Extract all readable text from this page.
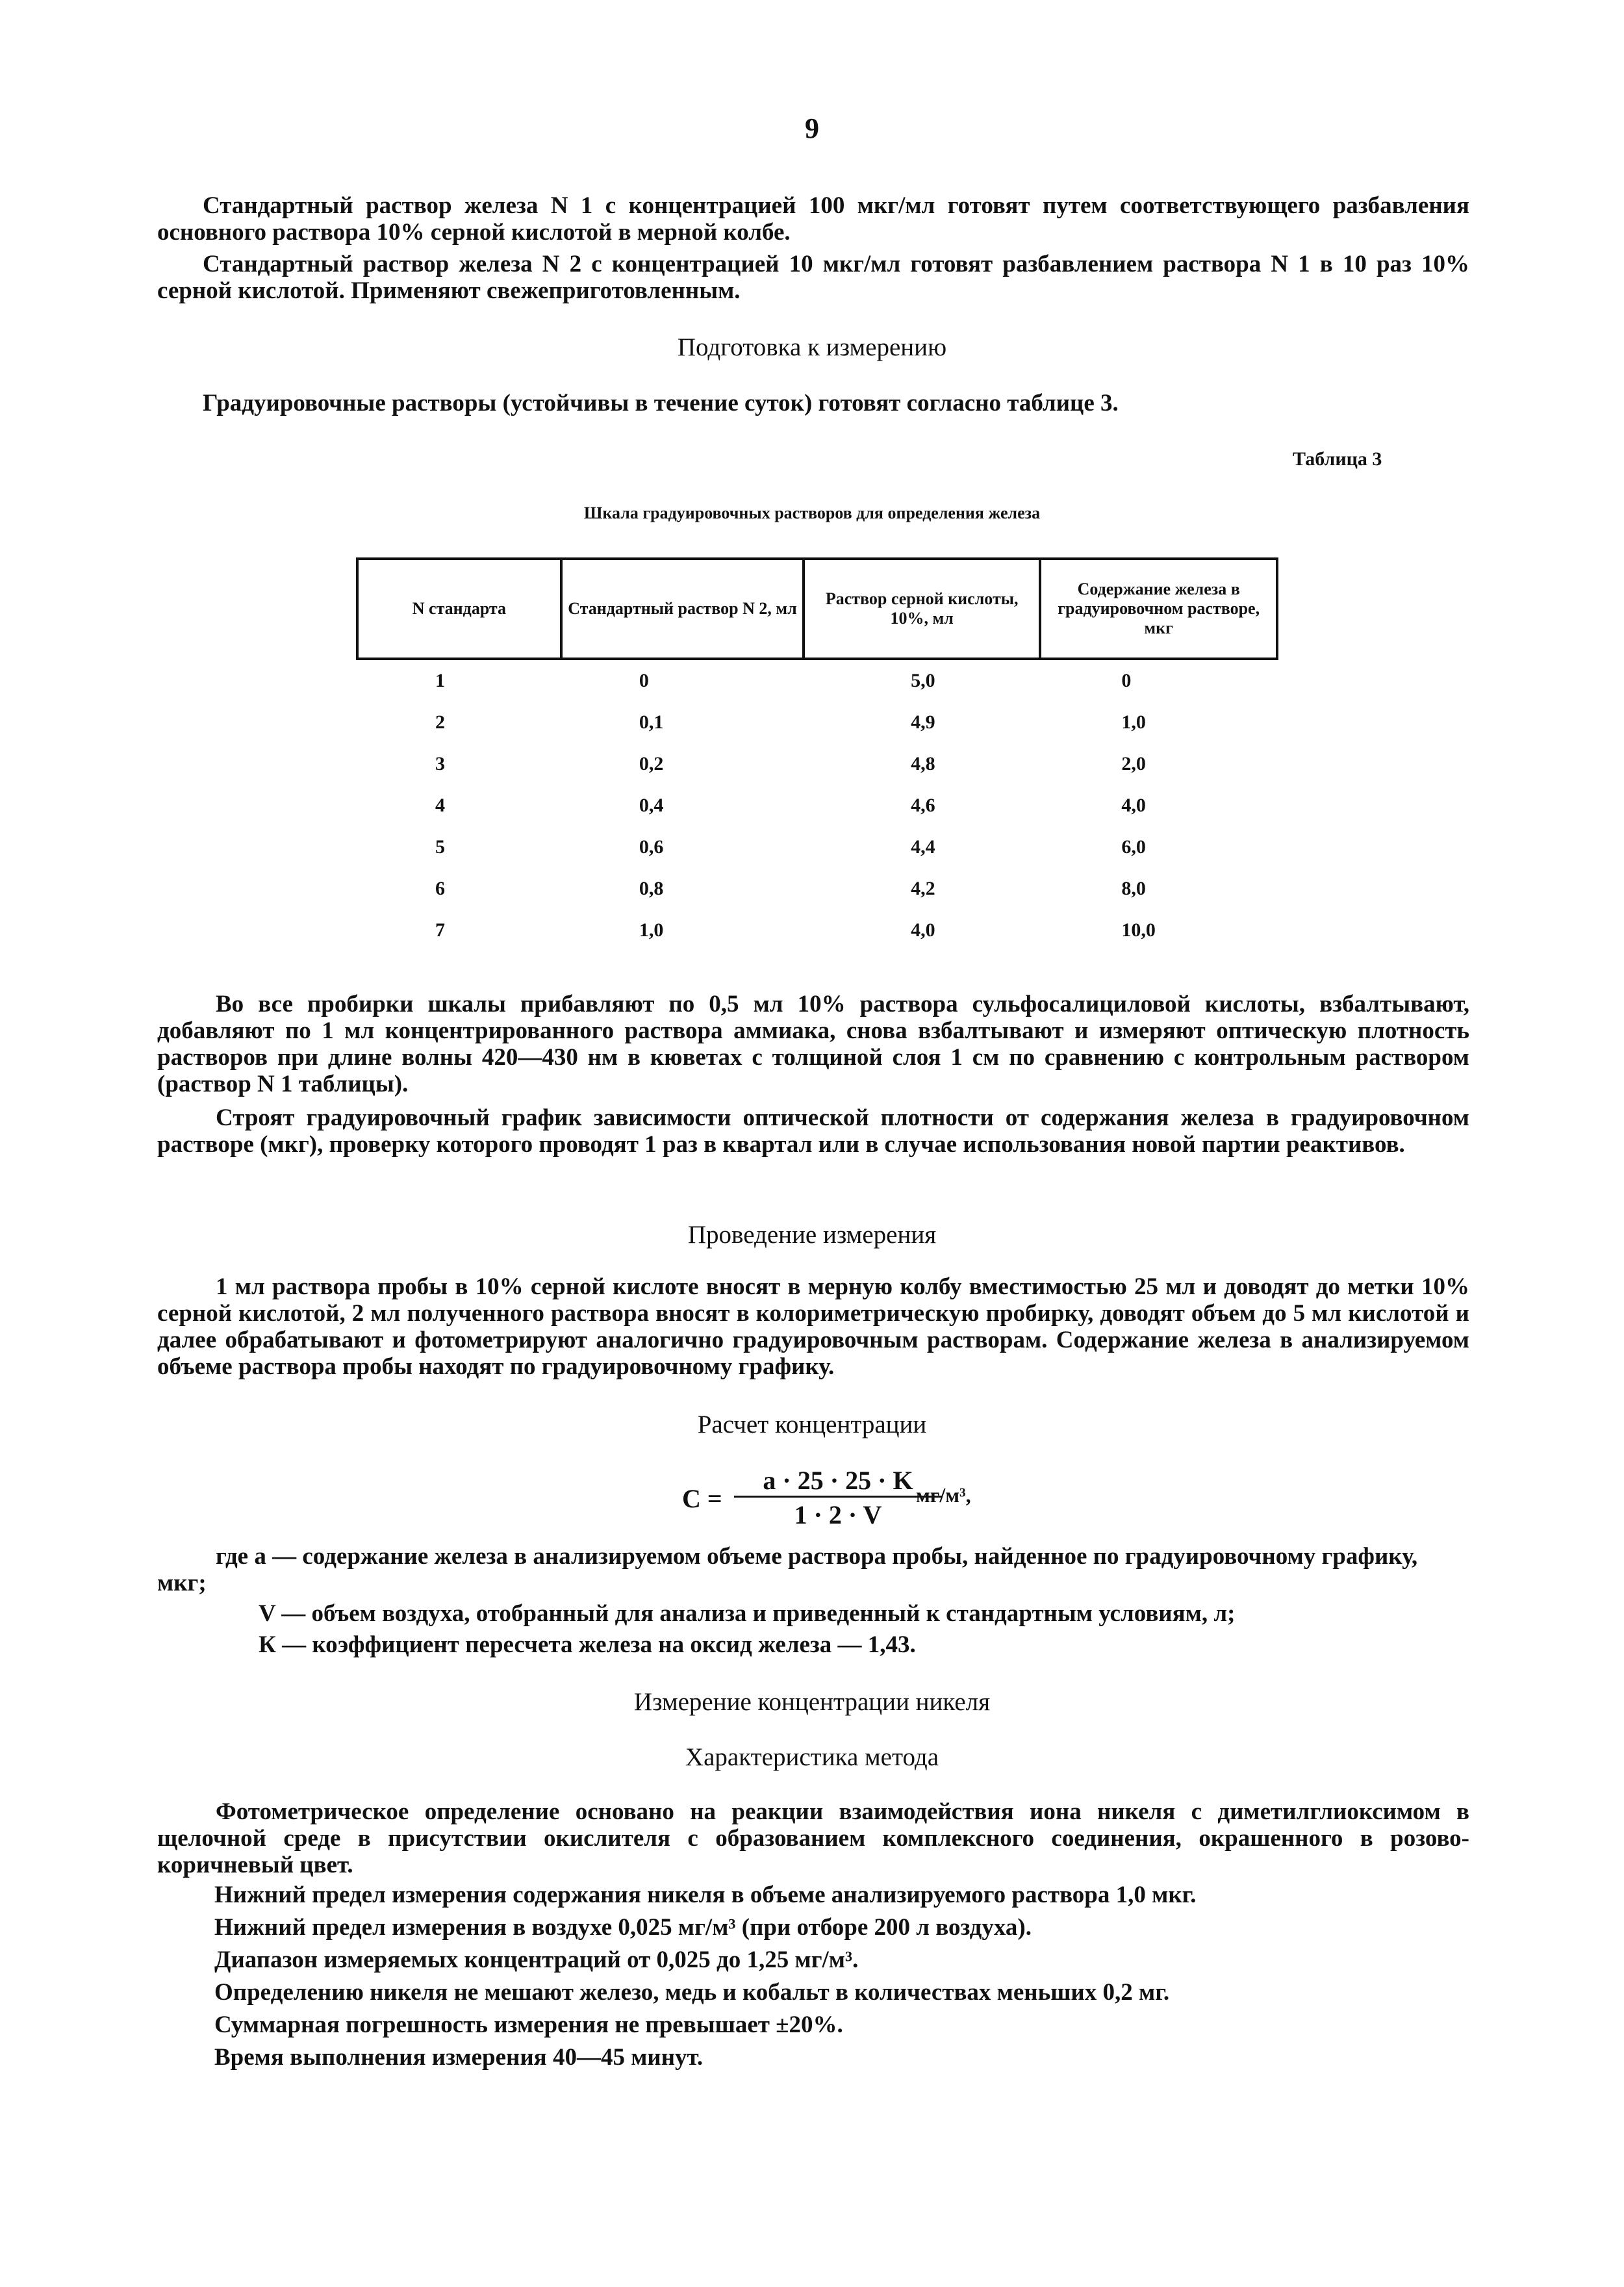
9

Стандартный раствор железа N 1 с концентрацией 100 мкг/мл готовят путем соответствующего разбавления основного раствора 10% серной кислотой в мерной колбе.

Стандартный раствор железа N 2 с концентрацией 10 мкг/мл готовят разбавлением раствора N 1 в 10 раз 10% серной кислотой. Применяют свежеприготовленным.

Подготовка к измерению

Градуировочные растворы (устойчивы в течение суток) готовят согласно таблице 3.

Таблица 3
Шкала градуировочных растворов для определения железа
N стандарта	Стандартный раствор N 2, мл	Раствор серной кислоты, 10%, мл	Содержание железа в градуировочном растворе, мкг
1	0	5,0	0
2	0,1	4,9	1,0
3	0,2	4,8	2,0
4	0,4	4,6	4,0
5	0,6	4,4	6,0
6	0,8	4,2	8,0
7	1,0	4,0	10,0

Во все пробирки шкалы прибавляют по 0,5 мл 10% раствора сульфосалициловой кислоты, взбалтывают, добавляют по 1 мл концентрированного раствора аммиака, снова взбалтывают и измеряют оптическую плотность растворов при длине волны 420—430 нм в кюветах с толщиной слоя 1 см по сравнению с контрольным раствором (раствор N 1 таблицы).

Строят градуировочный график зависимости оптической плотности от содержания железа в градуировочном растворе (мкг), проверку которого проводят 1 раз в квартал или в случае использования новой партии реактивов.

Проведение измерения

1 мл раствора пробы в 10% серной кислоте вносят в мерную колбу вместимостью 25 мл и доводят до метки 10% серной кислотой, 2 мл полученного раствора вносят в колориметрическую пробирку, доводят объем до 5 мл кислотой и далее обрабатывают и фотометрируют аналогично градуировочным растворам. Содержание железа в анализируемом объеме раствора пробы находят по градуировочному графику.

Расчет концентрации
С =
а · 25 · 25 · K
1 · 2 · V
мг/м³,

где а — содержание железа в анализируемом объеме раствора пробы, найденное по градуировочному графику, мкг;

V — объем воздуха, отобранный для анализа и приведенный к стандартным условиям, л;

К — коэффициент пересчета железа на оксид железа — 1,43.

Измерение концентрации никеля
Характеристика метода

Фотометрическое определение основано на реакции взаимодействия иона никеля с диметилглиоксимом в щелочной среде в присутствии окислителя с образованием комплексного соединения, окрашенного в розово-коричневый цвет.

Нижний предел измерения содержания никеля в объеме анализируемого раствора 1,0 мкг.

Нижний предел измерения в воздухе 0,025 мг/м³ (при отборе 200 л воздуха).

Диапазон измеряемых концентраций от 0,025 до 1,25 мг/м³.

Определению никеля не мешают железо, медь и кобальт в количествах меньших 0,2 мг.

Суммарная погрешность измерения не превышает ±20%.

Время выполнения измерения 40—45 минут.
